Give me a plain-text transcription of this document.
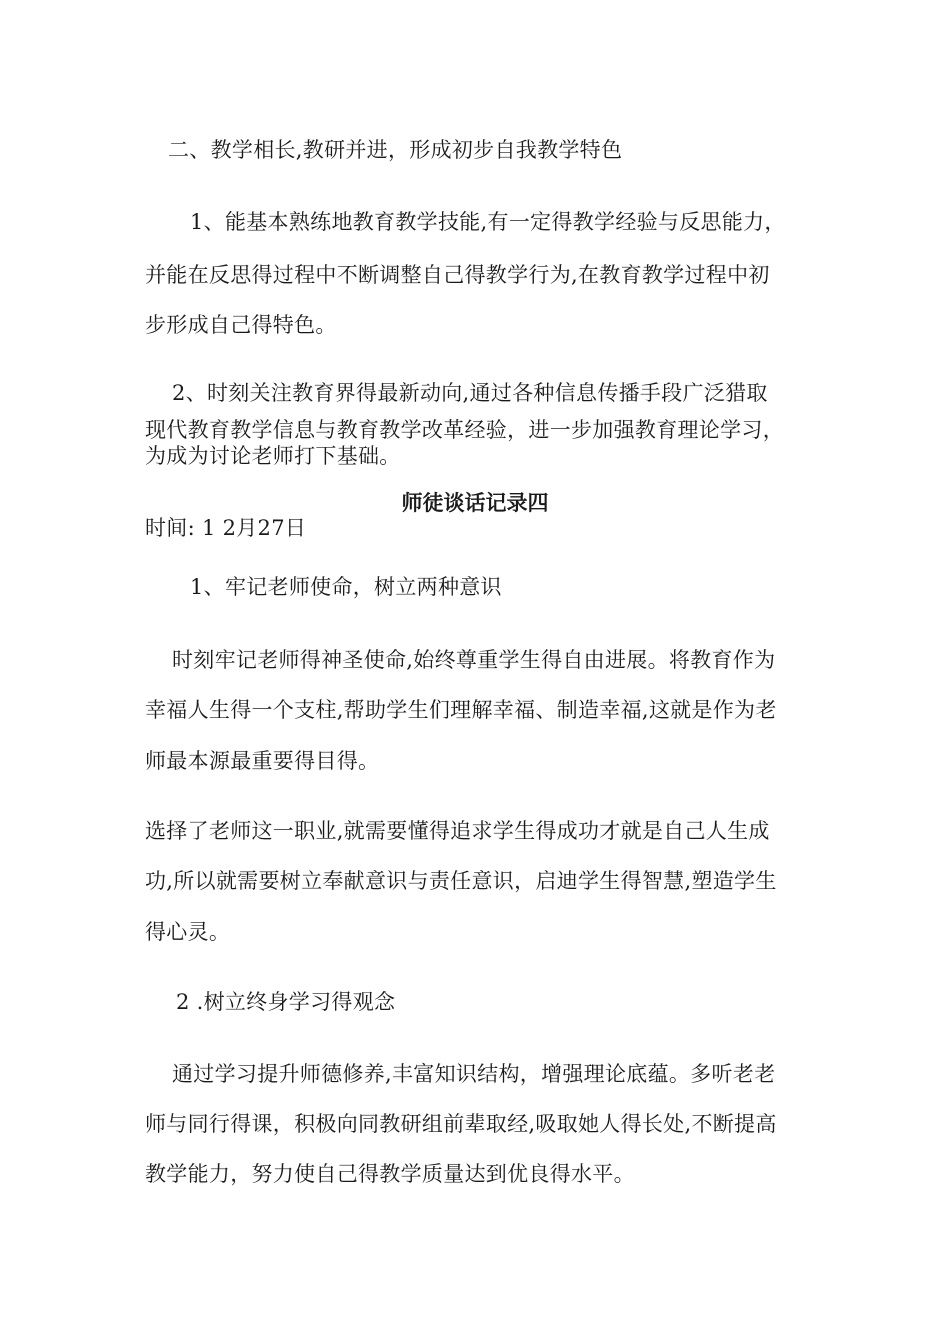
二、教学相长,教研并进，形成初步自我教学特色
1、能基本熟练地教育教学技能,有一定得教学经验与反思能力，
并能在反思得过程中不断调整自己得教学行为,在教育教学过程中初
步形成自己得特色。
2、时刻关注教育界得最新动向,通过各种信息传播手段广泛猎取
现代教育教学信息与教育教学改革经验，进一步加强教育理论学习，
为成为讨论老师打下基础。
师徒谈话记录四
时间: 1 2月27日
1、牢记老师使命，树立两种意识
时刻牢记老师得神圣使命,始终尊重学生得自由进展。将教育作为
幸福人生得一个支柱,帮助学生们理解幸福、制造幸福,这就是作为老
师最本源最重要得目得。
选择了老师这一职业,就需要懂得追求学生得成功才就是自己人生成
功,所以就需要树立奉献意识与责任意识，启迪学生得智慧,塑造学生
得心灵。
2 .树立终身学习得观念
通过学习提升师德修养,丰富知识结构，增强理论底蕴。多听老老
师与同行得课，积极向同教研组前辈取经,吸取她人得长处,不断提高
教学能力，努力使自己得教学质量达到优良得水平。
